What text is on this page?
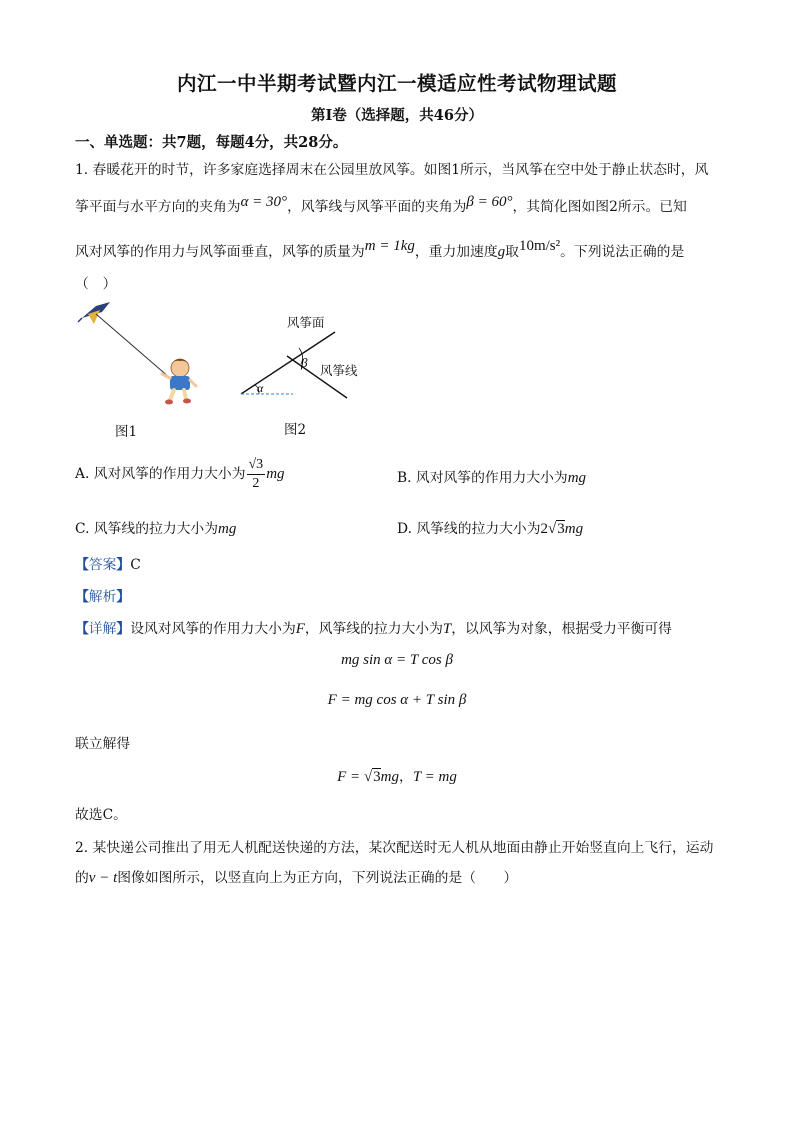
内江一中半期考试暨内江一模适应性考试物理试题
第Ⅰ卷（选择题，共46分）
一、单选题：共7题，每题4分，共28分。
1. 春暖花开的时节，许多家庭选择周末在公园里放风筝。如图1所示，当风筝在空中处于静止状态时，风
筝平面与水平方向的夹角为α = 30°，风筝线与风筝平面的夹角为β = 60°，其简化图如图2所示。已知
风对风筝的作用力与风筝面垂直，风筝的质量为m = 1kg，重力加速度g取10m/s²。下列说法正确的是
（　）
图1
α
β
风筝面
风筝线
图2
A. 风对风筝的作用力大小为 $\frac{√3}{2}$ mg	B. 风对风筝的作用力大小为mg
C. 风筝线的拉力大小为mg	D. 风筝线的拉力大小为2√3mg
【答案】C
【解析】
【详解】设风对风筝的作用力大小为F，风筝线的拉力大小为T，以风筝为对象，根据受力平衡可得
mg sin α = T cos β
F = mg cos α + T sin β
联立解得
F = √3mg，T = mg
故选C。
2. 某快递公司推出了用无人机配送快递的方法，某次配送时无人机从地面由静止开始竖直向上飞行，运动
的v − t图像如图所示，以竖直向上为正方向，下列说法正确的是（　　）
